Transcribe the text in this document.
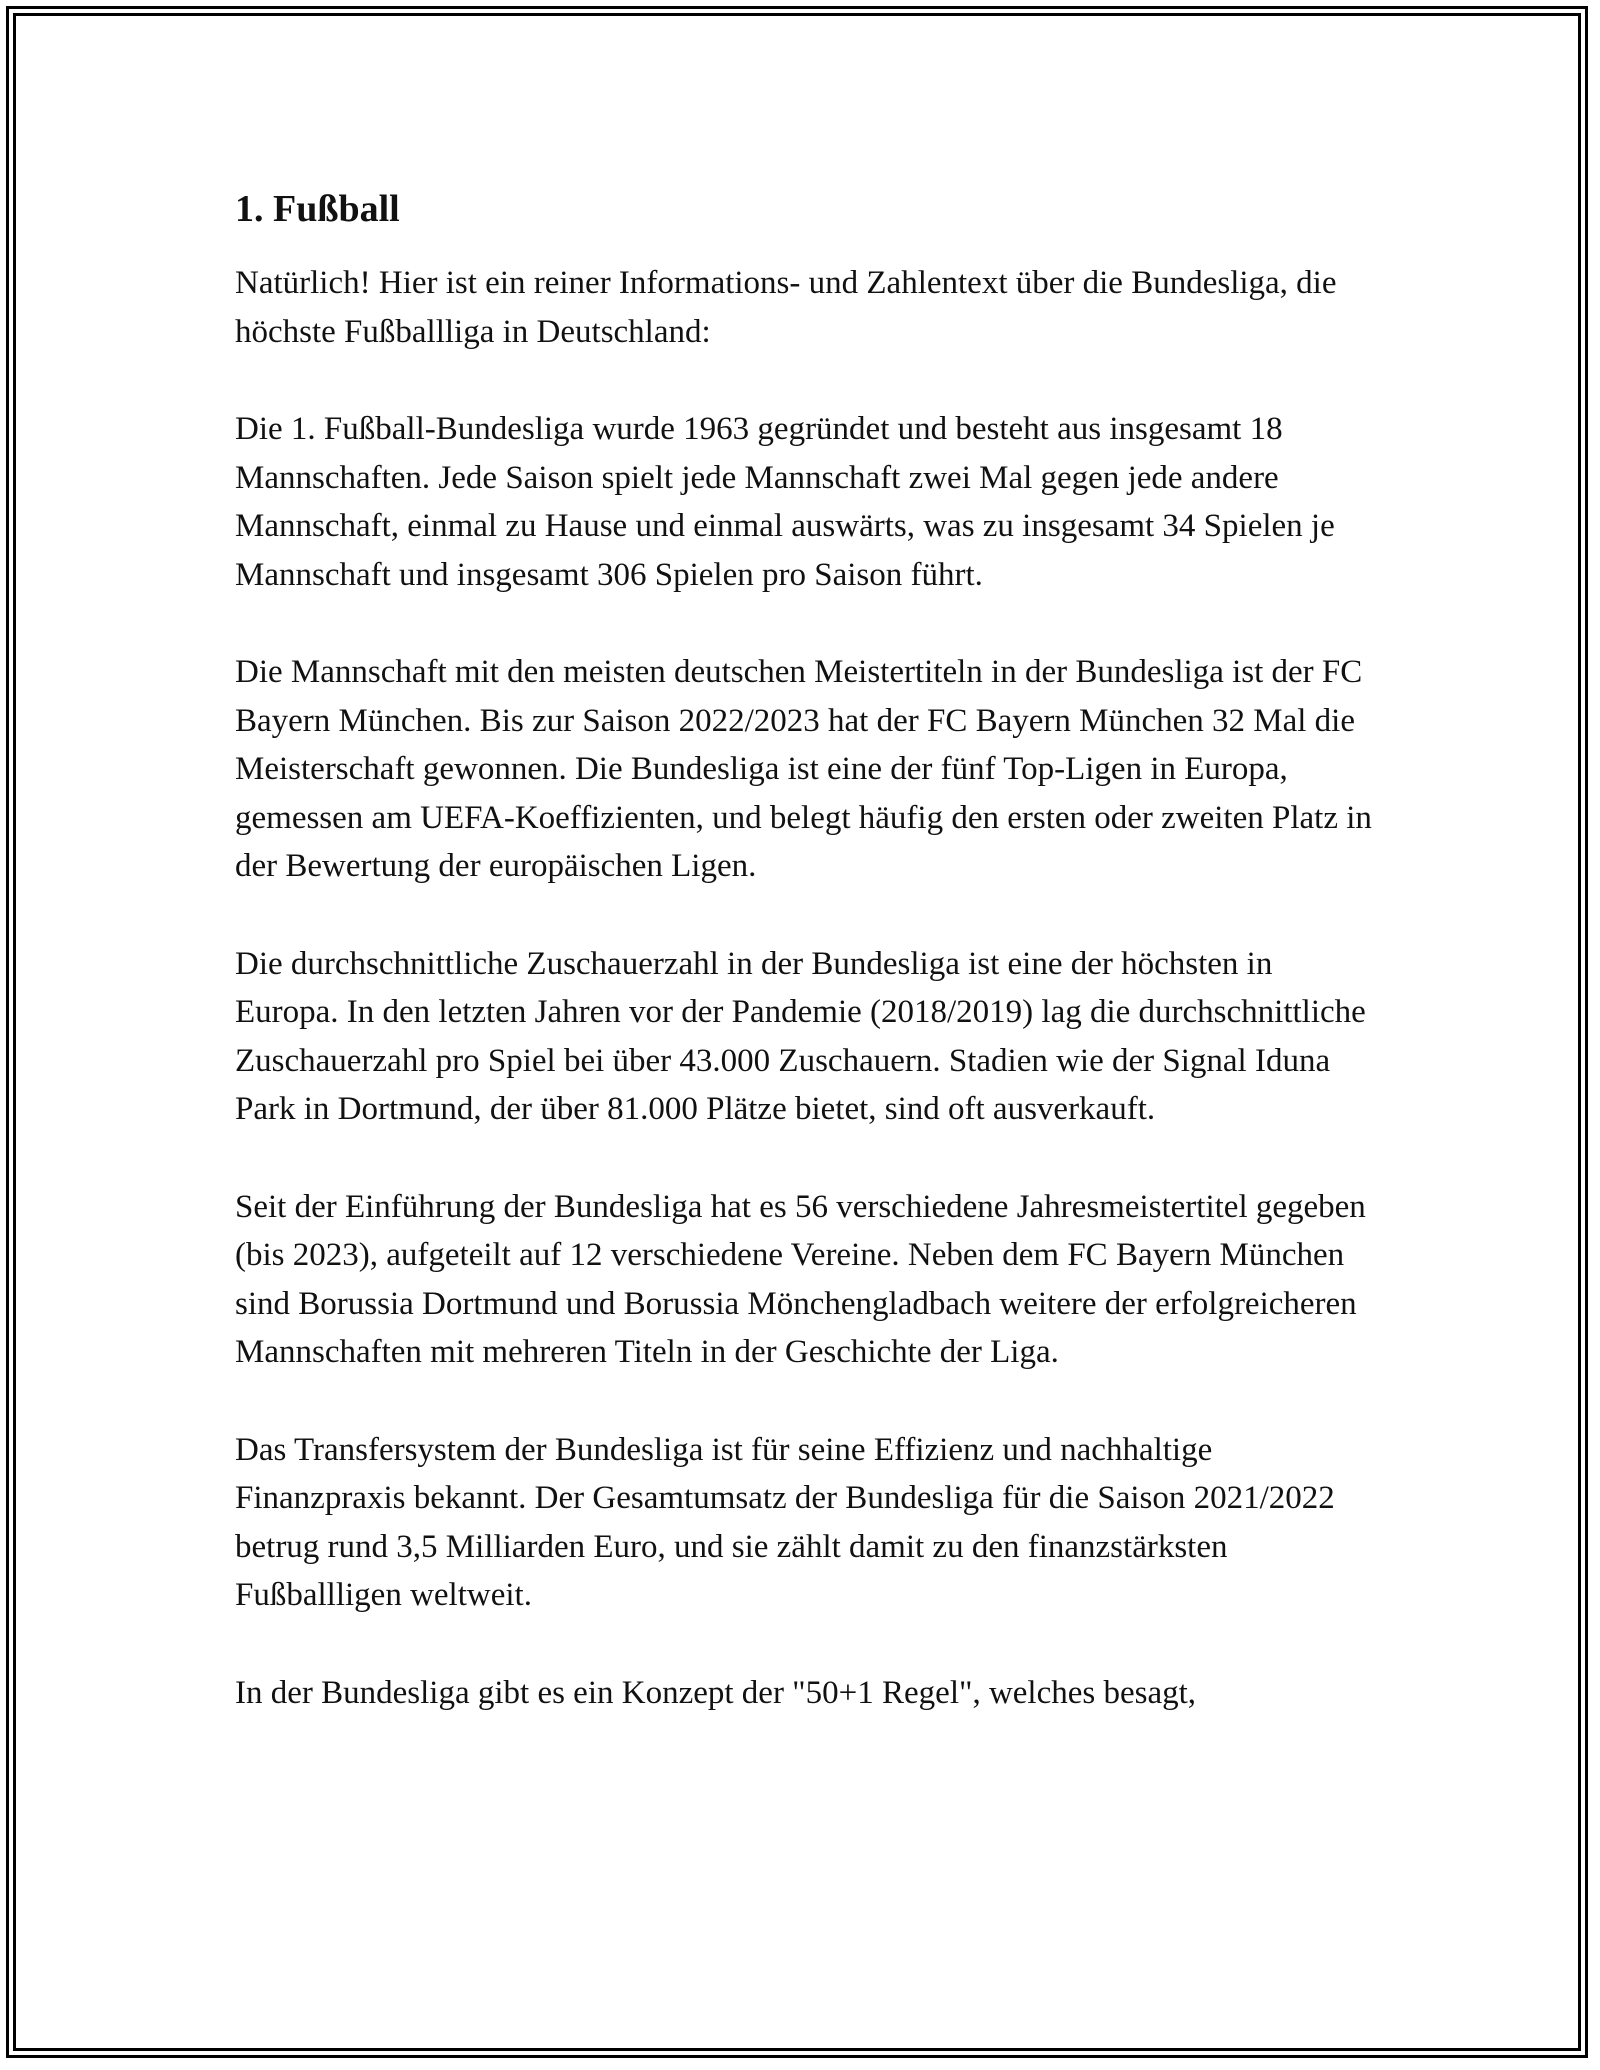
1. Fußball

Natürlich! Hier ist ein reiner Informations- und Zahlentext über die Bundesliga, die höchste Fußballliga in Deutschland:

Die 1. Fußball-Bundesliga wurde 1963 gegründet und besteht aus insgesamt 18 Mannschaften. Jede Saison spielt jede Mannschaft zwei Mal gegen jede andere Mannschaft, einmal zu Hause und einmal auswärts, was zu insgesamt 34 Spielen je Mannschaft und insgesamt 306 Spielen pro Saison führt.

Die Mannschaft mit den meisten deutschen Meistertiteln in der Bundesliga ist der FC Bayern München. Bis zur Saison 2022/2023 hat der FC Bayern München 32 Mal die Meisterschaft gewonnen. Die Bundesliga ist eine der fünf Top-Ligen in Europa, gemessen am UEFA-Koeffizienten, und belegt häufig den ersten oder zweiten Platz in der Bewertung der europäischen Ligen.

Die durchschnittliche Zuschauerzahl in der Bundesliga ist eine der höchsten in Europa. In den letzten Jahren vor der Pandemie (2018/2019) lag die durchschnittliche Zuschauerzahl pro Spiel bei über 43.000 Zuschauern. Stadien wie der Signal Iduna Park in Dortmund, der über 81.000 Plätze bietet, sind oft ausverkauft.

Seit der Einführung der Bundesliga hat es 56 verschiedene Jahresmeistertitel gegeben (bis 2023), aufgeteilt auf 12 verschiedene Vereine. Neben dem FC Bayern München sind Borussia Dortmund und Borussia Mönchengladbach weitere der erfolgreicheren Mannschaften mit mehreren Titeln in der Geschichte der Liga.

Das Transfersystem der Bundesliga ist für seine Effizienz und nachhaltige Finanzpraxis bekannt. Der Gesamtumsatz der Bundesliga für die Saison 2021/2022 betrug rund 3,5 Milliarden Euro, und sie zählt damit zu den finanzstärksten Fußballligen weltweit.

In der Bundesliga gibt es ein Konzept der "50+1 Regel", welches besagt,
